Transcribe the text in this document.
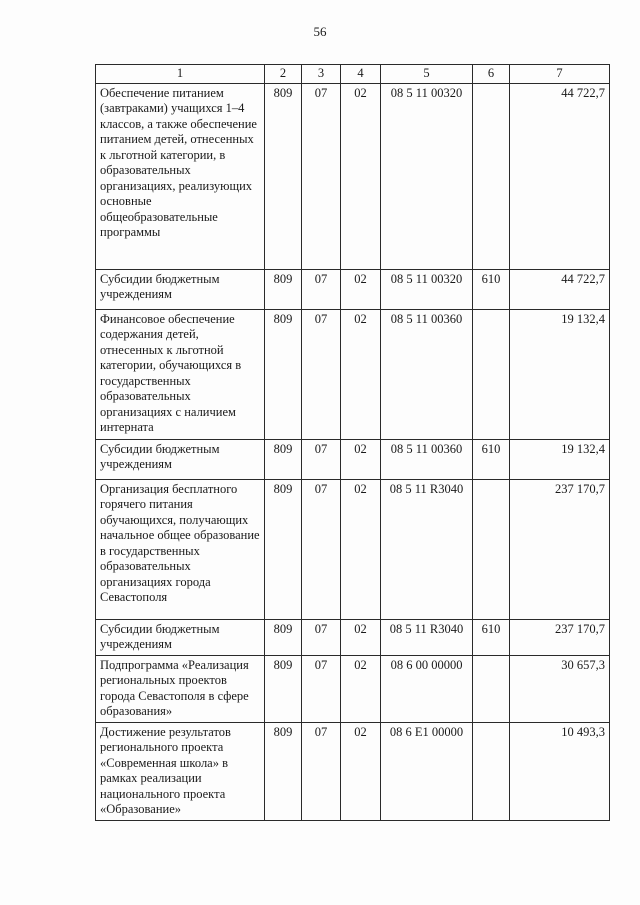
56
1	2	3	4	5	6	7
Обеспечение питанием (завтраками) учащихся 1–4 классов, а также обеспечение питанием детей, отнесенных к льготной категории, в образовательных организациях, реализующих основные общеобразовательные программы	809	07	02	08 5 11 00320		44 722,7
Субсидии бюджетным учреждениям	809	07	02	08 5 11 00320	610	44 722,7
Финансовое обеспечение содержания детей, отнесенных к льготной категории, обучающихся в государственных образовательных организациях с наличием интерната	809	07	02	08 5 11 00360		19 132,4
Субсидии бюджетным учреждениям	809	07	02	08 5 11 00360	610	19 132,4
Организация бесплатного горячего питания обучающихся, получающих начальное общее образование в государственных образовательных организациях города Севастополя	809	07	02	08 5 11 R3040		237 170,7
Субсидии бюджетным учреждениям	809	07	02	08 5 11 R3040	610	237 170,7
Подпрограмма «Реализация региональных проектов города Севастополя в сфере образования»	809	07	02	08 6 00 00000		30 657,3
Достижение результатов регионального проекта «Современная школа» в рамках реализации национального проекта «Образование»	809	07	02	08 6 E1 00000		10 493,3
